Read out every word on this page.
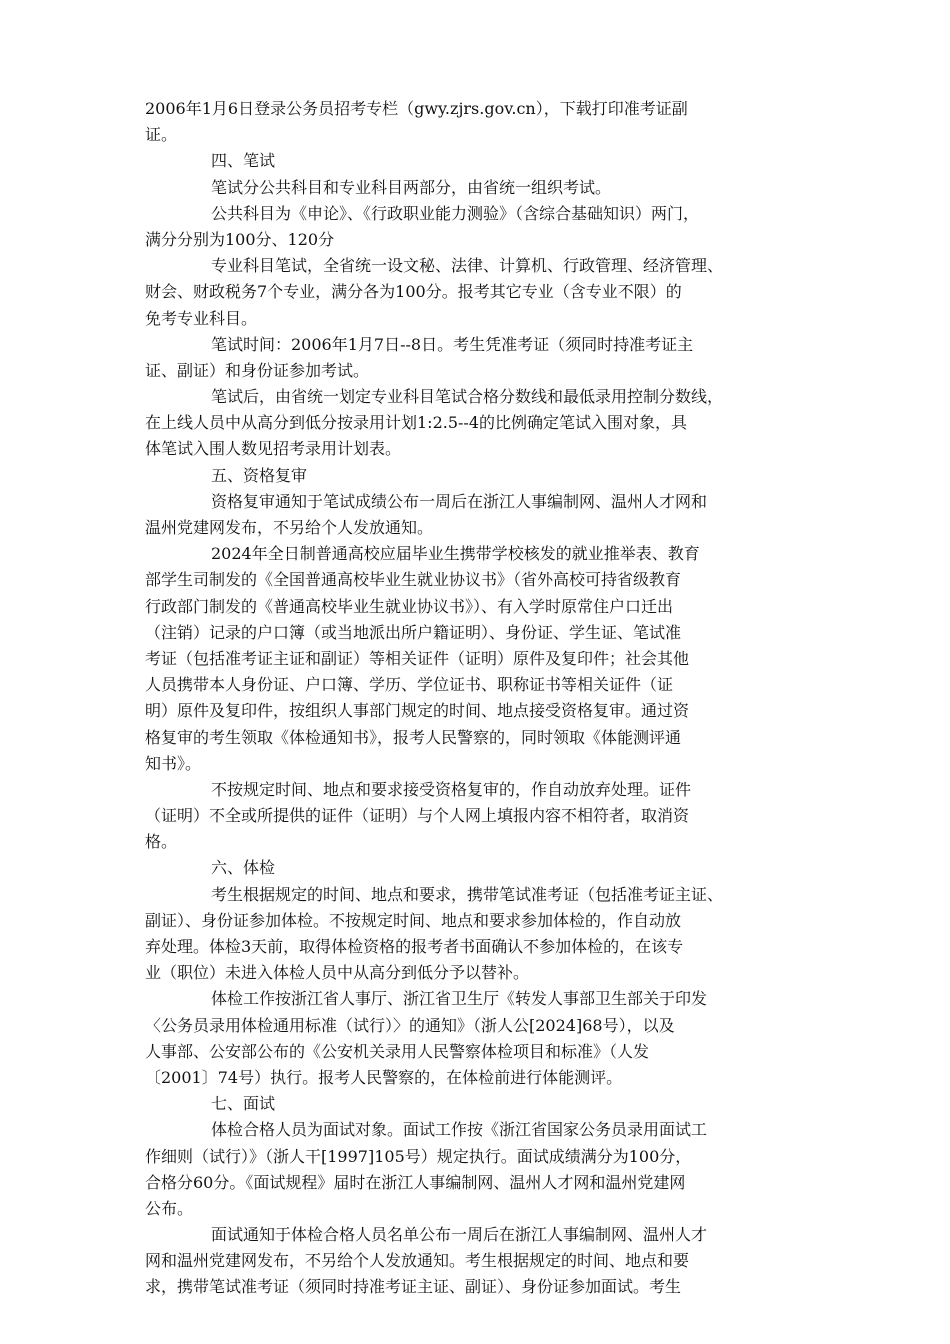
2006年1月6日登录公务员招考专栏（gwy.zjrs.gov.cn），下载打印准考证副
证。
四、笔试
笔试分公共科目和专业科目两部分，由省统一组织考试。
公共科目为《申论》、《行政职业能力测验》（含综合基础知识）两门，
满分分别为100分、120分
专业科目笔试，全省统一设文秘、法律、计算机、行政管理、经济管理、
财会、财政税务7个专业，满分各为100分。报考其它专业（含专业不限）的
免考专业科目。
笔试时间：2006年1月7日--8日。考生凭准考证（须同时持准考证主
证、副证）和身份证参加考试。
笔试后，由省统一划定专业科目笔试合格分数线和最低录用控制分数线，
在上线人员中从高分到低分按录用计划1:2.5--4的比例确定笔试入围对象，具
体笔试入围人数见招考录用计划表。
五、资格复审
资格复审通知于笔试成绩公布一周后在浙江人事编制网、温州人才网和
温州党建网发布，不另给个人发放通知。
2024年全日制普通高校应届毕业生携带学校核发的就业推举表、教育
部学生司制发的《全国普通高校毕业生就业协议书》（省外高校可持省级教育
行政部门制发的《普通高校毕业生就业协议书》）、有入学时原常住户口迁出
（注销）记录的户口簿（或当地派出所户籍证明）、身份证、学生证、笔试准
考证（包括准考证主证和副证）等相关证件（证明）原件及复印件；社会其他
人员携带本人身份证、户口簿、学历、学位证书、职称证书等相关证件（证
明）原件及复印件，按组织人事部门规定的时间、地点接受资格复审。通过资
格复审的考生领取《体检通知书》，报考人民警察的，同时领取《体能测评通
知书》。
不按规定时间、地点和要求接受资格复审的，作自动放弃处理。证件
（证明）不全或所提供的证件（证明）与个人网上填报内容不相符者，取消资
格。
六、体检
考生根据规定的时间、地点和要求，携带笔试准考证（包括准考证主证、
副证）、身份证参加体检。不按规定时间、地点和要求参加体检的，作自动放
弃处理。体检3天前，取得体检资格的报考者书面确认不参加体检的，在该专
业（职位）未进入体检人员中从高分到低分予以替补。
体检工作按浙江省人事厅、浙江省卫生厅《转发人事部卫生部关于印发
〈公务员录用体检通用标准（试行）〉的通知》（浙人公[2024]68号），以及
人事部、公安部公布的《公安机关录用人民警察体检项目和标准》（人发
〔2001〕74号）执行。报考人民警察的，在体检前进行体能测评。
七、面试
体检合格人员为面试对象。面试工作按《浙江省国家公务员录用面试工
作细则（试行）》（浙人干[1997]105号）规定执行。面试成绩满分为100分，
合格分60分。《面试规程》届时在浙江人事编制网、温州人才网和温州党建网
公布。
面试通知于体检合格人员名单公布一周后在浙江人事编制网、温州人才
网和温州党建网发布，不另给个人发放通知。考生根据规定的时间、地点和要
求，携带笔试准考证（须同时持准考证主证、副证）、身份证参加面试。考生
